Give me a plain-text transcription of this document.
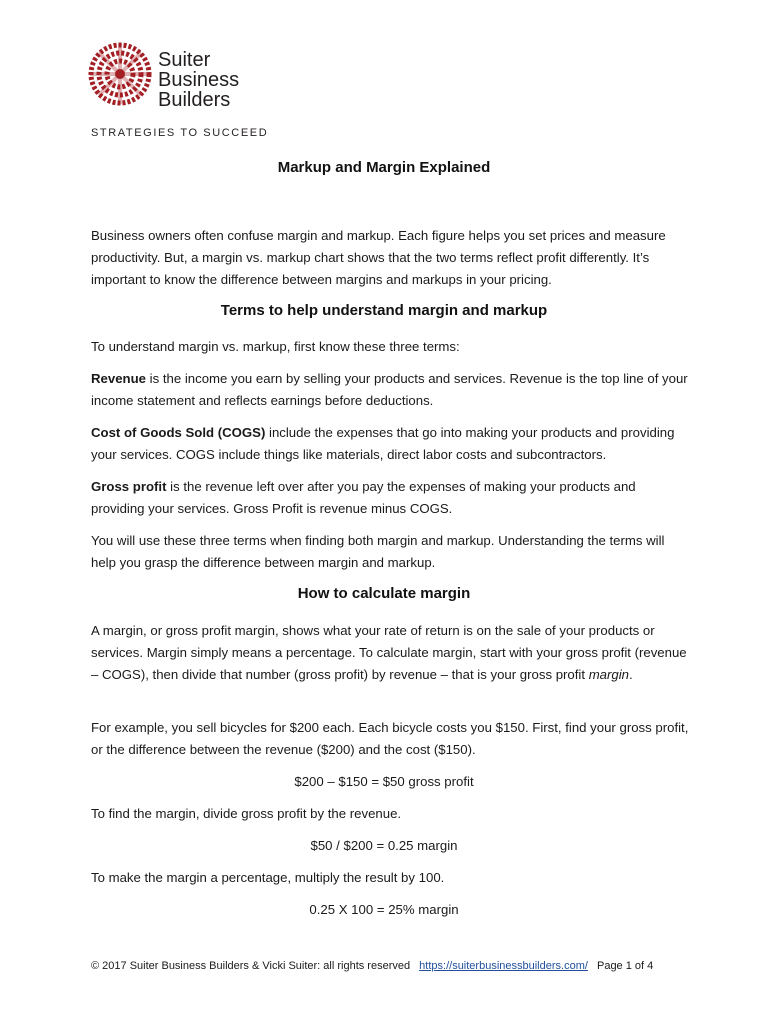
Suiter
Business
Builders
STRATEGIES TO SUCCEED
Markup and Margin Explained

Business owners often confuse margin and markup. Each figure helps you set prices and measure productivity. But, a margin vs. markup chart shows that the two terms reflect profit differently. It’s important to know the difference between margins and markups in your pricing.

Terms to help understand margin and markup

To understand margin vs. markup, first know these three terms:

Revenue is the income you earn by selling your products and services. Revenue is the top line of your income statement and reflects earnings before deductions.

Cost of Goods Sold (COGS) include the expenses that go into making your products and providing your services. COGS include things like materials, direct labor costs and subcontractors.

Gross profit is the revenue left over after you pay the expenses of making your products and providing your services. Gross Profit is revenue minus COGS.

You will use these three terms when finding both margin and markup. Understanding the terms will help you grasp the difference between margin and markup.

How to calculate margin

A margin, or gross profit margin, shows what your rate of return is on the sale of your products or services. Margin simply means a percentage. To calculate margin, start with your gross profit (revenue – COGS), then divide that number (gross profit) by revenue – that is your gross profit margin.

For example, you sell bicycles for $200 each. Each bicycle costs you $150. First, find your gross profit, or the difference between the revenue ($200) and the cost ($150).

$200 – $150 = $50 gross profit

To find the margin, divide gross profit by the revenue.

$50 / $200 = 0.25 margin

To make the margin a percentage, multiply the result by 100.

0.25 X 100 = 25% margin
© 2017 Suiter Business Builders & Vicki Suiter: all rights reserved https://suiterbusinessbuilders.com/ Page 1 of 4
